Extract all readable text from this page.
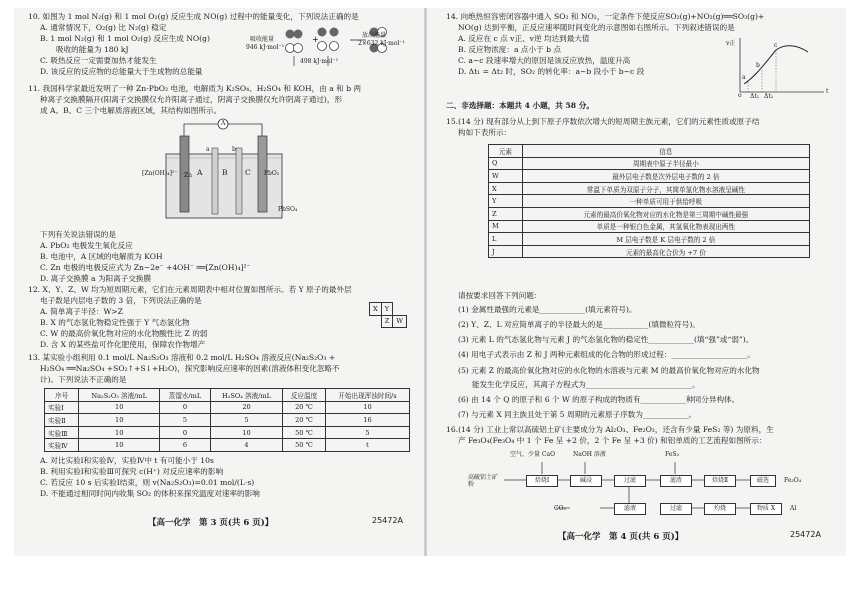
10. 如图为 1 mol N₂(g) 和 1 mol O₂(g) 反应生成 NO(g) 过程中的能量变化，下列说法正确的是
A. 通常情况下，O₂(g) 比 N₂(g) 稳定
B. 1 mol N₂(g) 和 1 mol O₂(g) 反应生成 NO(g)
吸收的能量为 180 kJ
C. 吸热反应一定需要加热才能发生
D. 该反应的反应物的总能量大于生成物的总能量
+
吸收能量
946 kJ·mol⁻¹
498 kJ·mol⁻¹
放出能量
2×632 kJ·mol⁻¹
11. 我国科学家最近发明了一种 Zn-PbO₂ 电池，电解质为 K₂SO₄、H₂SO₄ 和 KOH，由 a 和 b 两
种离子交换膜隔开(阳离子交换膜仅允许阳离子通过，阴离子交换膜仅允许阴离子通过)，形
成 A、B、C 三个电解质溶液区域，其结构如图所示。
A
[Zn(OH)₄]²⁻ Zn
a	b
A	B C PbO₂
PbSO₄
下列有关说法错误的是
A. PbO₂ 电极发生氧化反应
B. 电池中，A 区域的电解质为 KOH
C. Zn 电极的电极反应式为 Zn−2e⁻ +4OH⁻ ══[Zn(OH)₄]²⁻
D. 离子交换膜 a 为阳离子交换膜
12. X、Y、Z、W 均为短周期元素，它们在元素周期表中相对位置如图所示。若 Y 原子的最外层
电子数是内层电子数的 3 倍，下列说法正确的是
A. 简单离子半径：W>Z
B. X 的气态氢化物稳定性强于 Y 气态氢化物
C. W 的最高价氧化物对应的水化物酸性比 Z 的弱
D. 含 X 的某些盐可作化肥使用，保障农作物增产
X	Y	
	Z	W
13. 某实验小组利用 0.1 mol/L Na₂S₂O₃ 溶液和 0.2 mol/L H₂SO₄ 溶液反应(Na₂S₂O₃ +
H₂SO₄ ══Na₂SO₄ +SO₂↑+S↓+H₂O)，探究影响反应速率的因素(溶液体积变化忽略不
计)。下列说法不正确的是
序号	Na₂S₂O₃ 溶液/mL	蒸馏水/mL	H₂SO₄ 溶液/mL	反应温度	开始出现浑浊时间/s
实验Ⅰ	10	0	20	20 ℃	10
实验Ⅱ	10	5	5	20 ℃	16
实验Ⅲ	10	0	10	50 ℃	5
实验Ⅳ	10	6	4	50 ℃	t
A. 对比实验Ⅰ和实验Ⅳ，实验Ⅳ中 t 有可能小于 10s
B. 利用实验Ⅰ和实验Ⅲ可探究 c(H⁺) 对反应速率的影响
C. 若反应 10 s 后实验Ⅰ结束，则 v(Na₂S₂O₃)=0.01 mol/(L·s)
D. 不能通过相同时间内收集 SO₂ 的体积来探究温度对速率的影响
【高一化学　第 3 页(共 6 页)】	25472A
14. 向绝热恒容密闭容器中通入 SO₂ 和 NO₂，一定条件下使反应SO₂(g)+NO₂(g)══SO₃(g)+
NO(g) 达到平衡，正反应速率随时间变化的示意图如右图所示。下列叙述错误的是
A. 反应在 c 点 v正、v逆 均达到最大值
B. 反应物浓度：a 点小于 b 点
C. a∼c 段速率增大的原因是该反应放热，温度升高
D. Δt₁ = Δt₂ 时，SO₂ 的转化率：a∼b 段小于 b∼c 段
v正
t
o
a
b
c
Δt₁ Δt₂
二、非选择题：本题共 4 小题，共 58 分。
15.(14 分) 现有部分从上到下原子序数依次增大的短周期主族元素，它们的元素性质或原子结
构如下表所示：
元素	信息
Q	周期表中原子半径最小
W	最外层电子数是次外层电子数的 2 倍
X	常温下单质为双原子分子，其简单氢化物水溶液呈碱性
Y	一种单质可用于供给呼吸
Z	元素的最高价氧化物对应的水化物是第三周期中碱性最强
M	单质是一种银白色金属，其氢氧化物表现出两性
L	M 层电子数是 K 层电子数的 2 倍
J	元素的最高化合价为 +7 价
请按要求回答下列问题：
(1) 金属性最强的元素是____________(填元素符号)。
(2) Y、Z、L 对应简单离子的半径最大的是____________(填微粒符号)。
(3) 元素 L 的气态氢化物与元素 J 的气态氢化物的稳定性____________(填“强”或“弱”)。
(4) 用电子式表示由 Z 和 J 两种元素组成的化合物的形成过程：____________________。
(5) 元素 Z 的最高价氧化物对应的水化物的水溶液与元素 M 的最高价氧化物对应的水化物
能发生化学反应，其离子方程式为____________________________。
(6) 由 14 个 Q 的原子和 6 个 W 的原子构成的物质有____________种同分异构体。
(7) 与元素 X 同主族且处于第 5 周期的元素原子序数为____________。
16.(14 分) 工业上常以高硫铝土矿(主要成分为 Al₂O₃、Fe₂O₃，还含有少量 FeS₂ 等) 为原料，生
产 Fe₃O₄(Fe₃O₄ 中 1 个 Fe 呈 +2 价，2 个 Fe 呈 +3 价) 和铝单质的工艺流程如图所示：
空气、少量 CaO	NaOH 溶液	FeS₂
高硫铝土矿粉
焙烧Ⅰ	碱浸	过滤	滤渣	焙烧Ⅱ	磁选	Fe₃O₄
CO₂	滤液	过滤	灼烧	物质 X	Al
【高一化学　第 4 页(共 6 页)】	25472A
